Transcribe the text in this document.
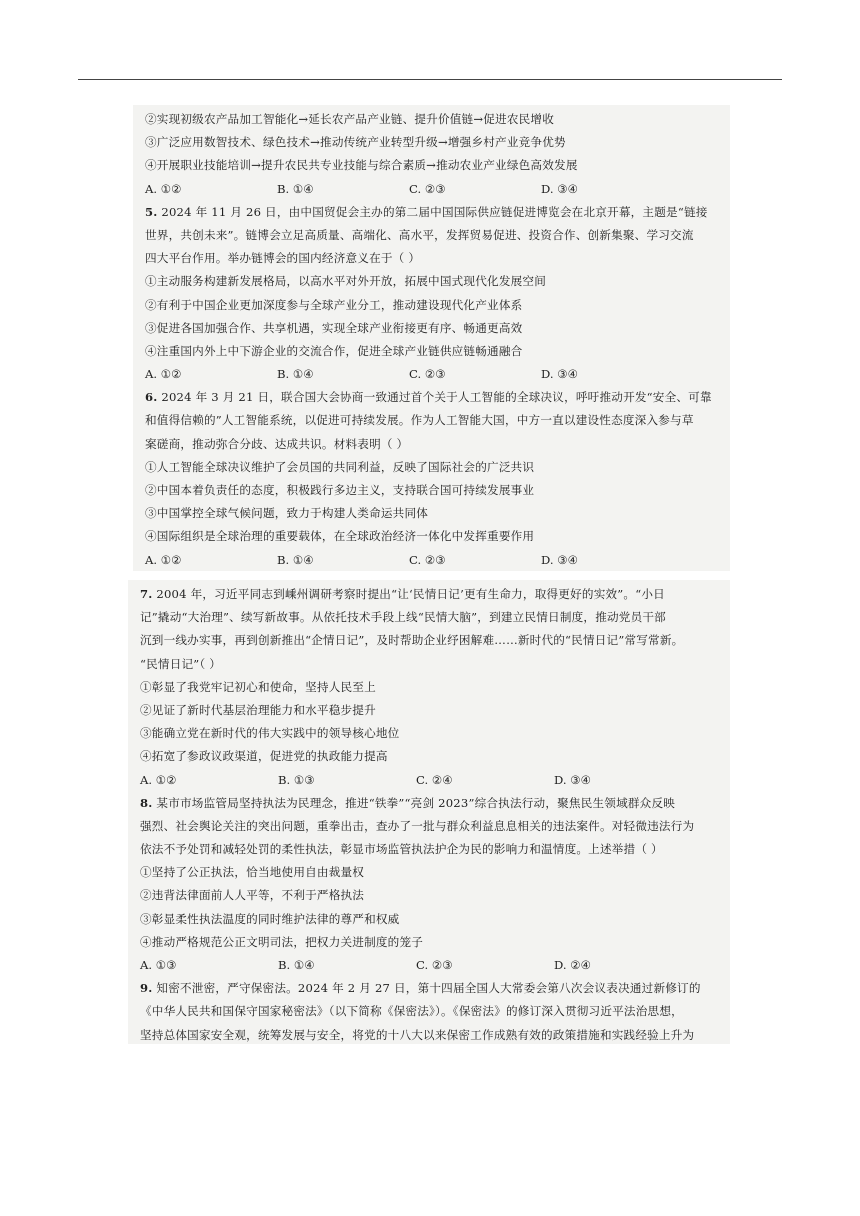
②实现初级农产品加工智能化→延长农产品产业链、提升价值链→促进农民增收
③广泛应用数智技术、绿色技术→推动传统产业转型升级→增强乡村产业竞争优势
④开展职业技能培训→提升农民共专业技能与综合素质→推动农业产业绿色高效发展
A. ①②	B. ①④	C. ②③	D. ③④
5. 2024 年 11 月 26 日，由中国贸促会主办的第二届中国国际供应链促进博览会在北京开幕，主题是“链接
世界，共创未来”。链博会立足高质量、高端化、高水平，发挥贸易促进、投资合作、创新集聚、学习交流
四大平台作用。举办链博会的国内经济意义在于（ ）
①主动服务构建新发展格局，以高水平对外开放，拓展中国式现代化发展空间
②有利于中国企业更加深度参与全球产业分工，推动建设现代化产业体系
③促进各国加强合作、共享机遇，实现全球产业衔接更有序、畅通更高效
④注重国内外上中下游企业的交流合作，促进全球产业链供应链畅通融合
A. ①②	B. ①④	C. ②③	D. ③④
6. 2024 年 3 月 21 日，联合国大会协商一致通过首个关于人工智能的全球决议，呼吁推动开发“安全、可靠
和值得信赖的”人工智能系统，以促进可持续发展。作为人工智能大国，中方一直以建设性态度深入参与草
案磋商，推动弥合分歧、达成共识。材料表明（ ）
①人工智能全球决议维护了会员国的共同利益，反映了国际社会的广泛共识
②中国本着负责任的态度，积极践行多边主义，支持联合国可持续发展事业
③中国掌控全球气候问题，致力于构建人类命运共同体
④国际组织是全球治理的重要载体，在全球政治经济一体化中发挥重要作用
A. ①②	B. ①④	C. ②③	D. ③④
7. 2004 年，习近平同志到嵊州调研考察时提出“让‘民情日记’更有生命力，取得更好的实效”。“小日
记”撬动“大治理”、续写新故事。从依托技术手段上线“民情大脑”，到建立民情日制度，推动党员干部
沉到一线办实事，再到创新推出“企情日记”，及时帮助企业纾困解难……新时代的“民情日记”常写常新。
“民情日记”（ ）
①彰显了我党牢记初心和使命，坚持人民至上
②见证了新时代基层治理能力和水平稳步提升
③能确立党在新时代的伟大实践中的领导核心地位
④拓宽了参政议政渠道，促进党的执政能力提高
A. ①②	B. ①③	C. ②④	D. ③④
8. 某市市场监管局坚持执法为民理念，推进“铁拳”“亮剑 2023”综合执法行动，聚焦民生领域群众反映
强烈、社会舆论关注的突出问题，重拳出击，查办了一批与群众利益息息相关的违法案件。对轻微违法行为
依法不予处罚和减轻处罚的柔性执法，彰显市场监管执法护企为民的影响力和温情度。上述举措（ ）
①坚持了公正执法，恰当地使用自由裁量权
②违背法律面前人人平等，不利于严格执法
③彰显柔性执法温度的同时维护法律的尊严和权威
④推动严格规范公正文明司法，把权力关进制度的笼子
A. ①③	B. ①④	C. ②③	D. ②④
9. 知密不泄密，严守保密法。2024 年 2 月 27 日，第十四届全国人大常委会第八次会议表决通过新修订的
《中华人民共和国保守国家秘密法》（以下简称《保密法》）。《保密法》的修订深入贯彻习近平法治思想，
坚持总体国家安全观，统筹发展与安全，将党的十八大以来保密工作成熟有效的政策措施和实践经验上升为
